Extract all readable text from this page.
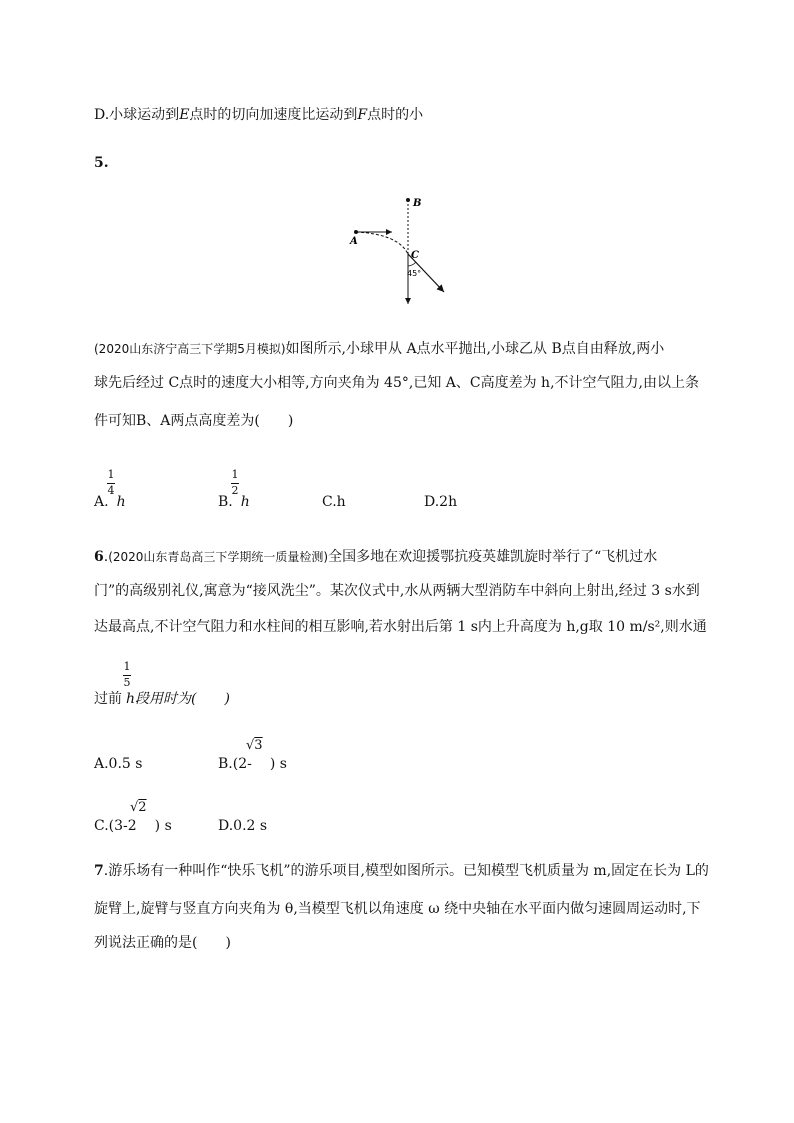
D.小球运动到E点时的切向加速度比运动到F点时的小
5.
B
A
C
45°
(2020山东济宁高三下学期5月模拟)如图所示,小球甲从 A点水平抛出,小球乙从 B点自由释放,两小
球先后经过 C点时的速度大小相等,方向夹角为 45°,已知 A、C高度差为 h,不计空气阻力,由以上条
件可知B、A两点高度差为(　　)
1
4
A. h
1
2
B. h	C.h	D.2h
6.(2020山东青岛高三下学期统一质量检测)全国多地在欢迎援鄂抗疫英雄凯旋时举行了“飞机过水
门”的高级别礼仪,寓意为“接风洗尘”。某次仪式中,水从两辆大型消防车中斜向上射出,经过 3 s水到
达最高点,不计空气阻力和水柱间的相互影响,若水射出后第 1 s内上升高度为 h,g取 10 m/s²,则水通
1
5
过前 h段用时为(　　)
A.0.5 s
√3
B.(2- ) s
√2
C.(3-2 ) s	D.0.2 s
7.游乐场有一种叫作“快乐飞机”的游乐项目,模型如图所示。已知模型飞机质量为 m,固定在长为 L的
旋臂上,旋臂与竖直方向夹角为 θ,当模型飞机以角速度 ω 绕中央轴在水平面内做匀速圆周运动时,下
列说法正确的是(　　)
